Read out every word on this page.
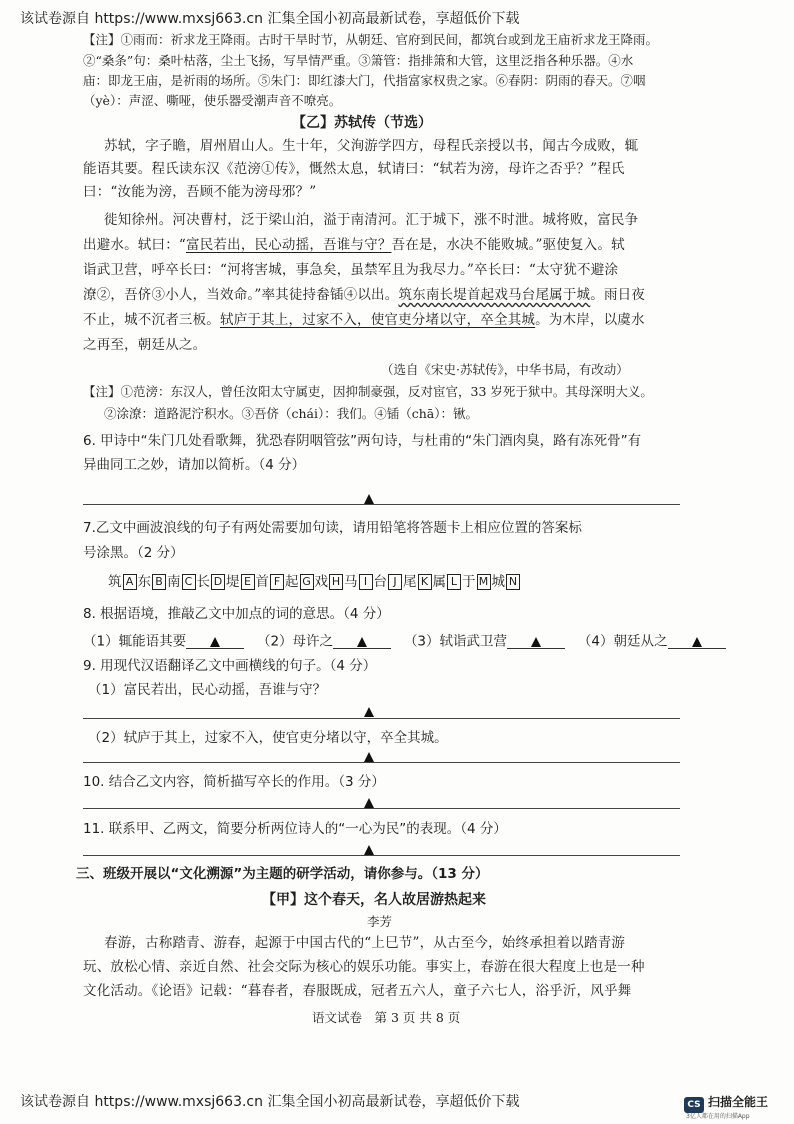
该试卷源自 https://www.mxsj663.cn 汇集全国小初高最新试卷，享超低价下载
【注】①雨而：祈求龙王降雨。古时干旱时节，从朝廷、官府到民间，都筑台或到龙王庙祈求龙王降雨。
②“桑条”句：桑叶枯落，尘土飞扬，写旱情严重。③箫管：指排箫和大管，这里泛指各种乐器。④水
庙：即龙王庙，是祈雨的场所。⑤朱门：即红漆大门，代指富家权贵之家。⑥春阴：阴雨的春天。⑦咽
（yè）：声涩、嘶哑，使乐器受潮声音不嘹亮。
【乙】苏轼传（节选）
苏轼，字子瞻，眉州眉山人。生十年，父洵游学四方，母程氏亲授以书，闻古今成败，辄
能语其要。程氏读东汉《范滂①传》，慨然太息，轼请曰：“轼若为滂，母许之否乎？”程氏
曰：“汝能为滂，吾顾不能为滂母邪？”
徙知徐州。河决曹村，泛于梁山泊，溢于南清河。汇于城下，涨不时泄。城将败，富民争
出避水。轼曰：“富民若出，民心动摇，吾谁与守？吾在是，水决不能败城。”驱使复入。轼
诣武卫营，呼卒长曰：“河将害城，事急矣，虽禁军且为我尽力。”卒长曰：“太守犹不避涂
潦②，吾侪③小人，当效命。”率其徒持畚锸④以出。筑东南长堤首起戏马台尾属于城。雨日夜
不止，城不沉者三板。轼庐于其上，过家不入，使官吏分堵以守，卒全其城。为木岸，以虞水
之再至，朝廷从之。
（选自《宋史·苏轼传》，中华书局，有改动）
【注】①范滂：东汉人，曾任汝阳太守属吏，因抑制豪强，反对宦官，33 岁死于狱中。其母深明大义。
②涂潦：道路泥泞积水。③吾侪（chái）：我们。④锸（chā）：锹。
6. 甲诗中“朱门几处看歌舞，犹恐春阴咽管弦”两句诗，与杜甫的“朱门酒肉臭，路有冻死骨”有
异曲同工之妙，请加以简析。（4 分）
7.乙文中画波浪线的句子有两处需要加句读，请用铅笔将答题卡上相应位置的答案标
号涂黑。（2 分）
筑 A 东 B 南 C 长 D 堤 E 首 F 起 G 戏 H 马 I 台 J 尾 K 属 L 于 M 城 N
8. 根据语境，推敲乙文中加点的词的意思。（4 分）
（1）辄能语其要	（2）母许之	（3）轼诣武卫营	（4）朝廷从之
9. 用现代汉语翻译乙文中画横线的句子。（4 分）
（1）富民若出，民心动摇，吾谁与守？
（2）轼庐于其上，过家不入，使官吏分堵以守，卒全其城。
10. 结合乙文内容，简析描写卒长的作用。（3 分）
11. 联系甲、乙两文，简要分析两位诗人的“一心为民”的表现。（4 分）
三、班级开展以“文化溯源”为主题的研学活动，请你参与。（13 分）
【甲】这个春天，名人故居游热起来
李芳
春游，古称踏青、游春，起源于中国古代的“上巳节”，从古至今，始终承担着以踏青游
玩、放松心情、亲近自然、社会交际为核心的娱乐功能。事实上，春游在很大程度上也是一种
文化活动。《论语》记载：“暮春者，春服既成，冠者五六人，童子六七人，浴乎沂，风乎舞
语文试卷　第 3 页 共 8 页
该试卷源自 https://www.mxsj663.cn 汇集全国小初高最新试卷，享超低价下载	CS 扫描全能王
3亿人都在用的扫描App
